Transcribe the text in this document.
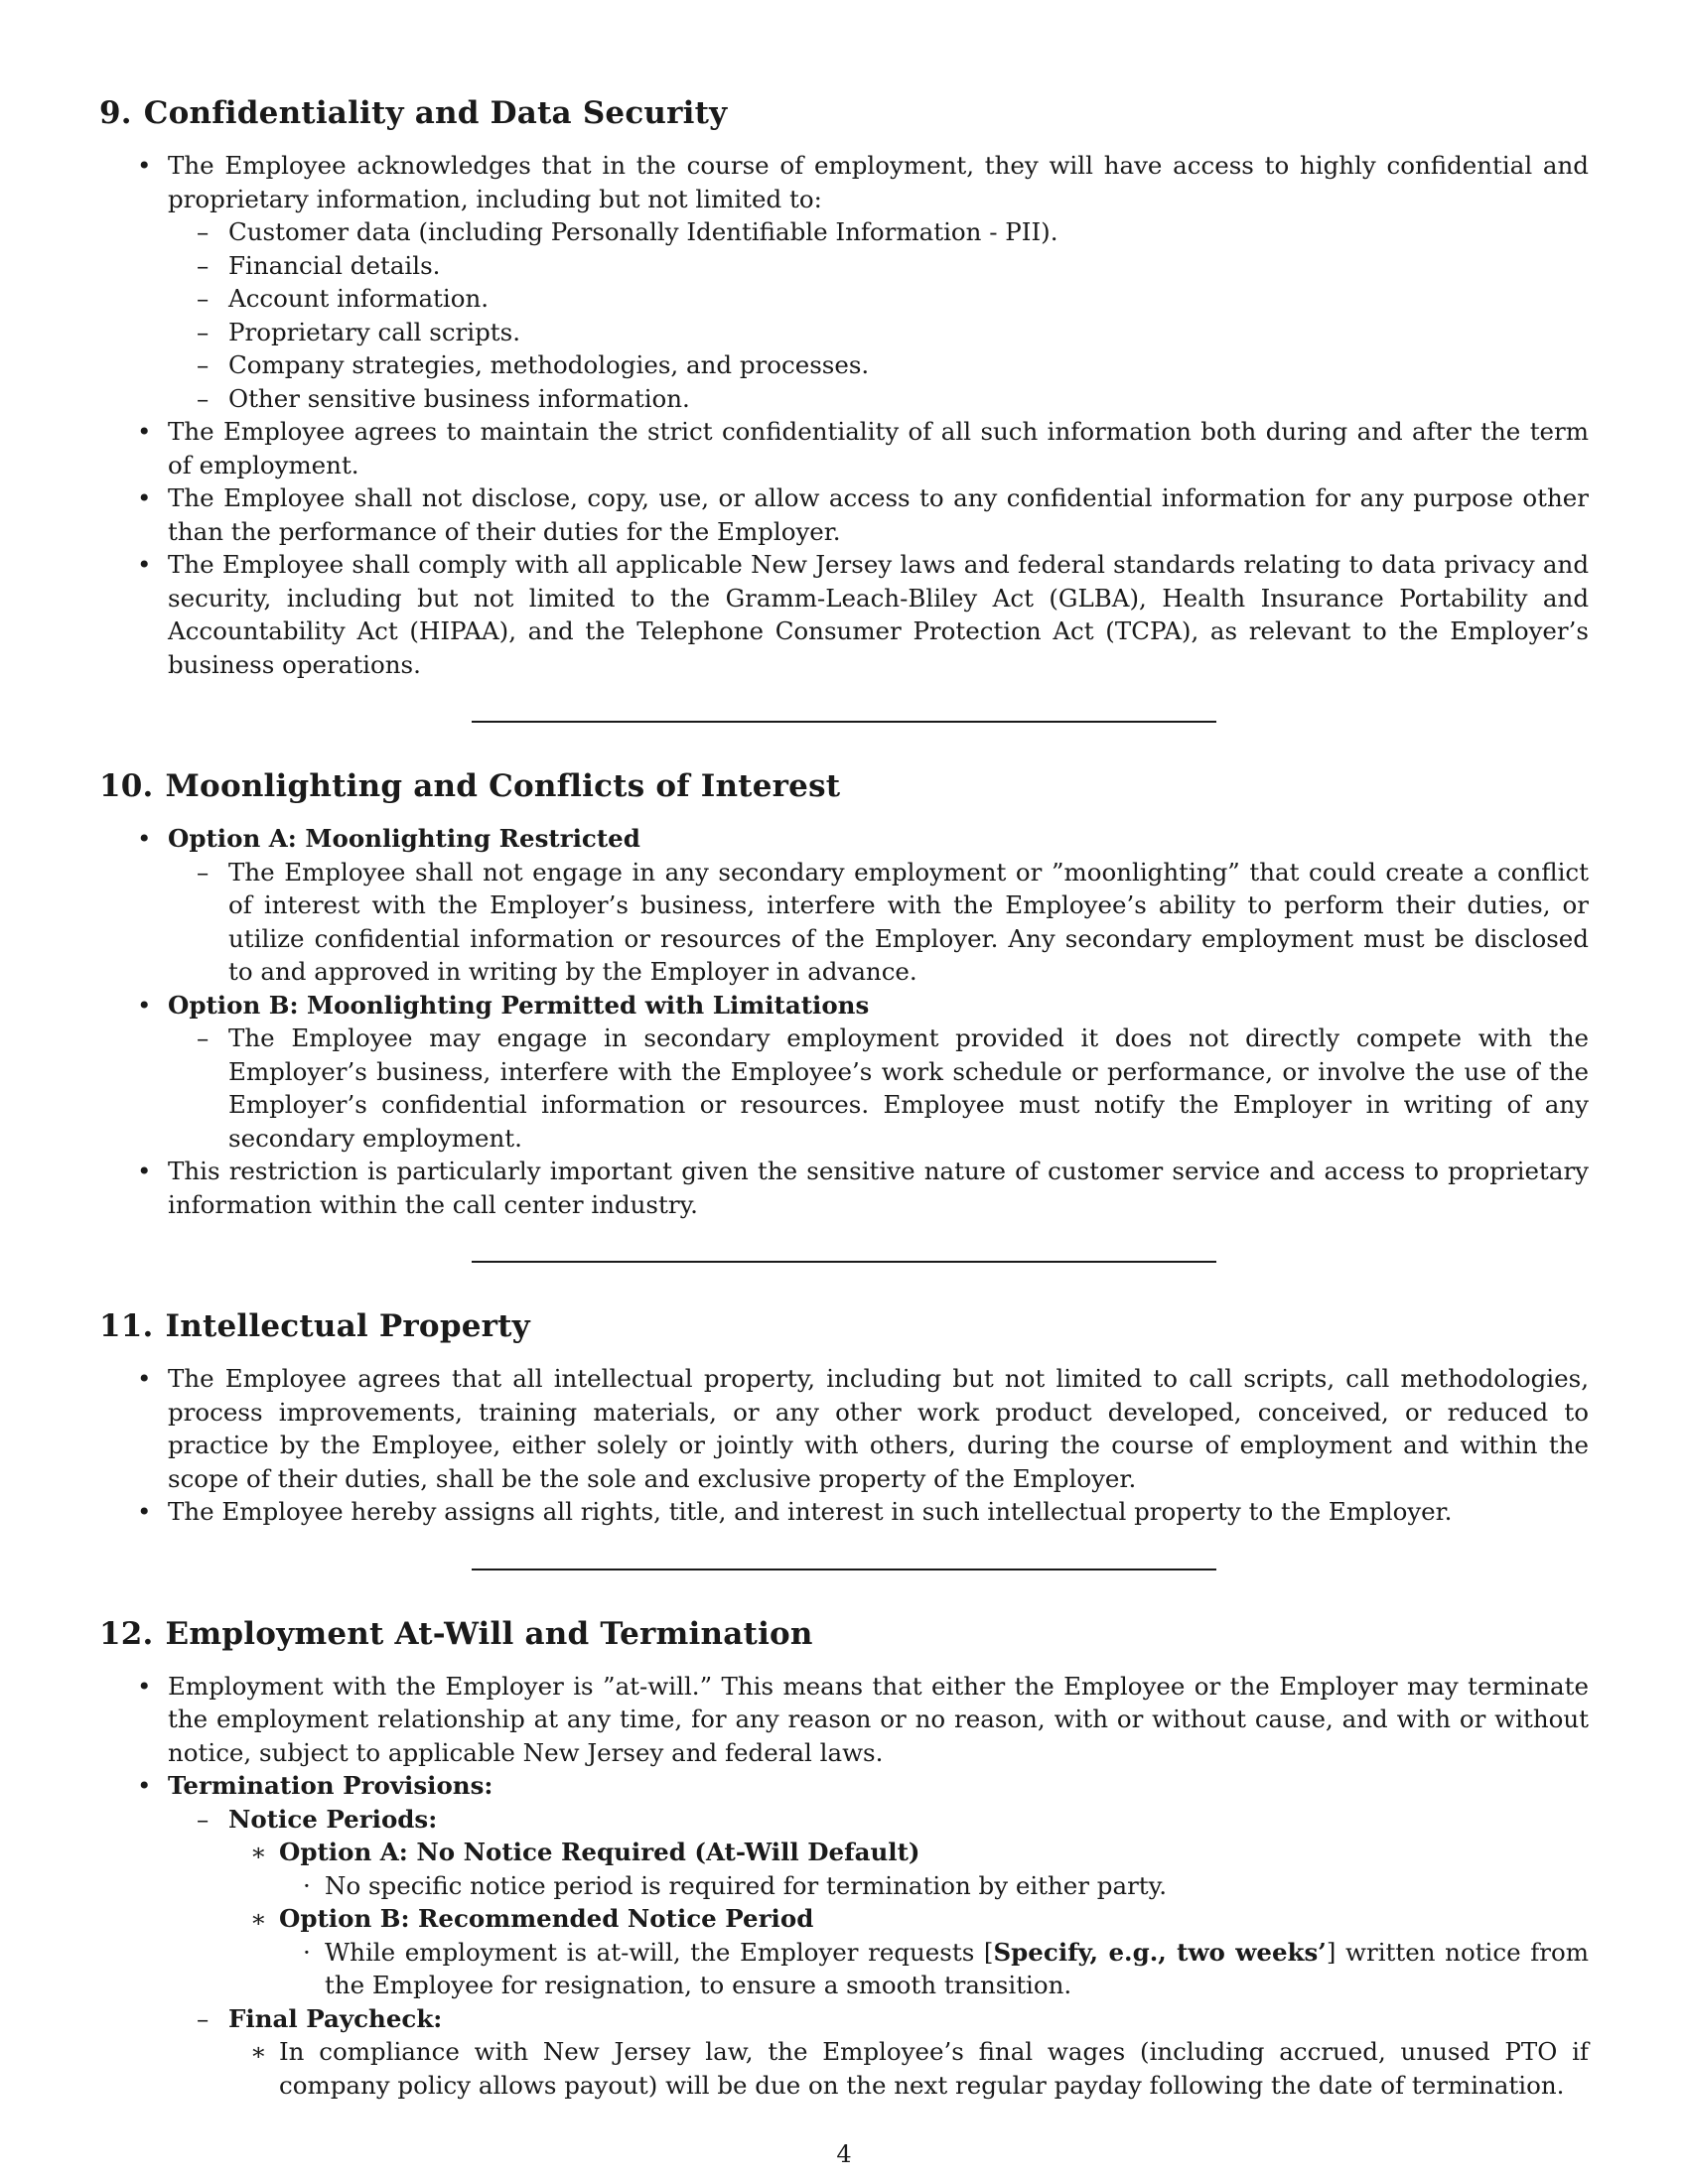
9. Confidentiality and Data Security
• The Employee acknowledges that in the course of employment, they will have access to highly confidential and proprietary information, including but not limited to:
– Customer data (including Personally Identifiable Information - PII).
– Financial details.
– Account information.
– Proprietary call scripts.
– Company strategies, methodologies, and processes.
– Other sensitive business information.
• The Employee agrees to maintain the strict confidentiality of all such information both during and after the term of employment.
• The Employee shall not disclose, copy, use, or allow access to any confidential information for any purpose other than the performance of their duties for the Employer.
• The Employee shall comply with all applicable New Jersey laws and federal standards relating to data privacy and security, including but not limited to the Gramm-Leach-Bliley Act (GLBA), Health Insurance Portability and Accountability Act (HIPAA), and the Telephone Consumer Protection Act (TCPA), as relevant to the Employer’s business operations.
10. Moonlighting and Conflicts of Interest
• Option A: Moonlighting Restricted
– The Employee shall not engage in any secondary employment or ”moonlighting” that could create a conflict of interest with the Employer’s business, interfere with the Employee’s ability to perform their duties, or utilize confidential information or resources of the Employer. Any secondary employment must be disclosed to and approved in writing by the Employer in advance.
• Option B: Moonlighting Permitted with Limitations
– The Employee may engage in secondary employment provided it does not directly compete with the Employer’s business, interfere with the Employee’s work schedule or performance, or involve the use of the Employer’s confidential information or resources. Employee must notify the Employer in writing of any secondary employment.
• This restriction is particularly important given the sensitive nature of customer service and access to proprietary information within the call center industry.
11. Intellectual Property
• The Employee agrees that all intellectual property, including but not limited to call scripts, call methodologies, process improvements, training materials, or any other work product developed, conceived, or reduced to practice by the Employee, either solely or jointly with others, during the course of employment and within the scope of their duties, shall be the sole and exclusive property of the Employer.
• The Employee hereby assigns all rights, title, and interest in such intellectual property to the Employer.
12. Employment At-Will and Termination
• Employment with the Employer is ”at-will.” This means that either the Employee or the Employer may terminate the employment relationship at any time, for any reason or no reason, with or without cause, and with or without notice, subject to applicable New Jersey and federal laws.
• Termination Provisions:
– Notice Periods:
∗ Option A: No Notice Required (At-Will Default)
· No specific notice period is required for termination by either party.
∗ Option B: Recommended Notice Period
· While employment is at-will, the Employer requests [Specify, e.g., two weeks’] written notice from the Employee for resignation, to ensure a smooth transition.
– Final Paycheck:
∗ In compliance with New Jersey law, the Employee’s final wages (including accrued, unused PTO if company policy allows payout) will be due on the next regular payday following the date of termination.
4
